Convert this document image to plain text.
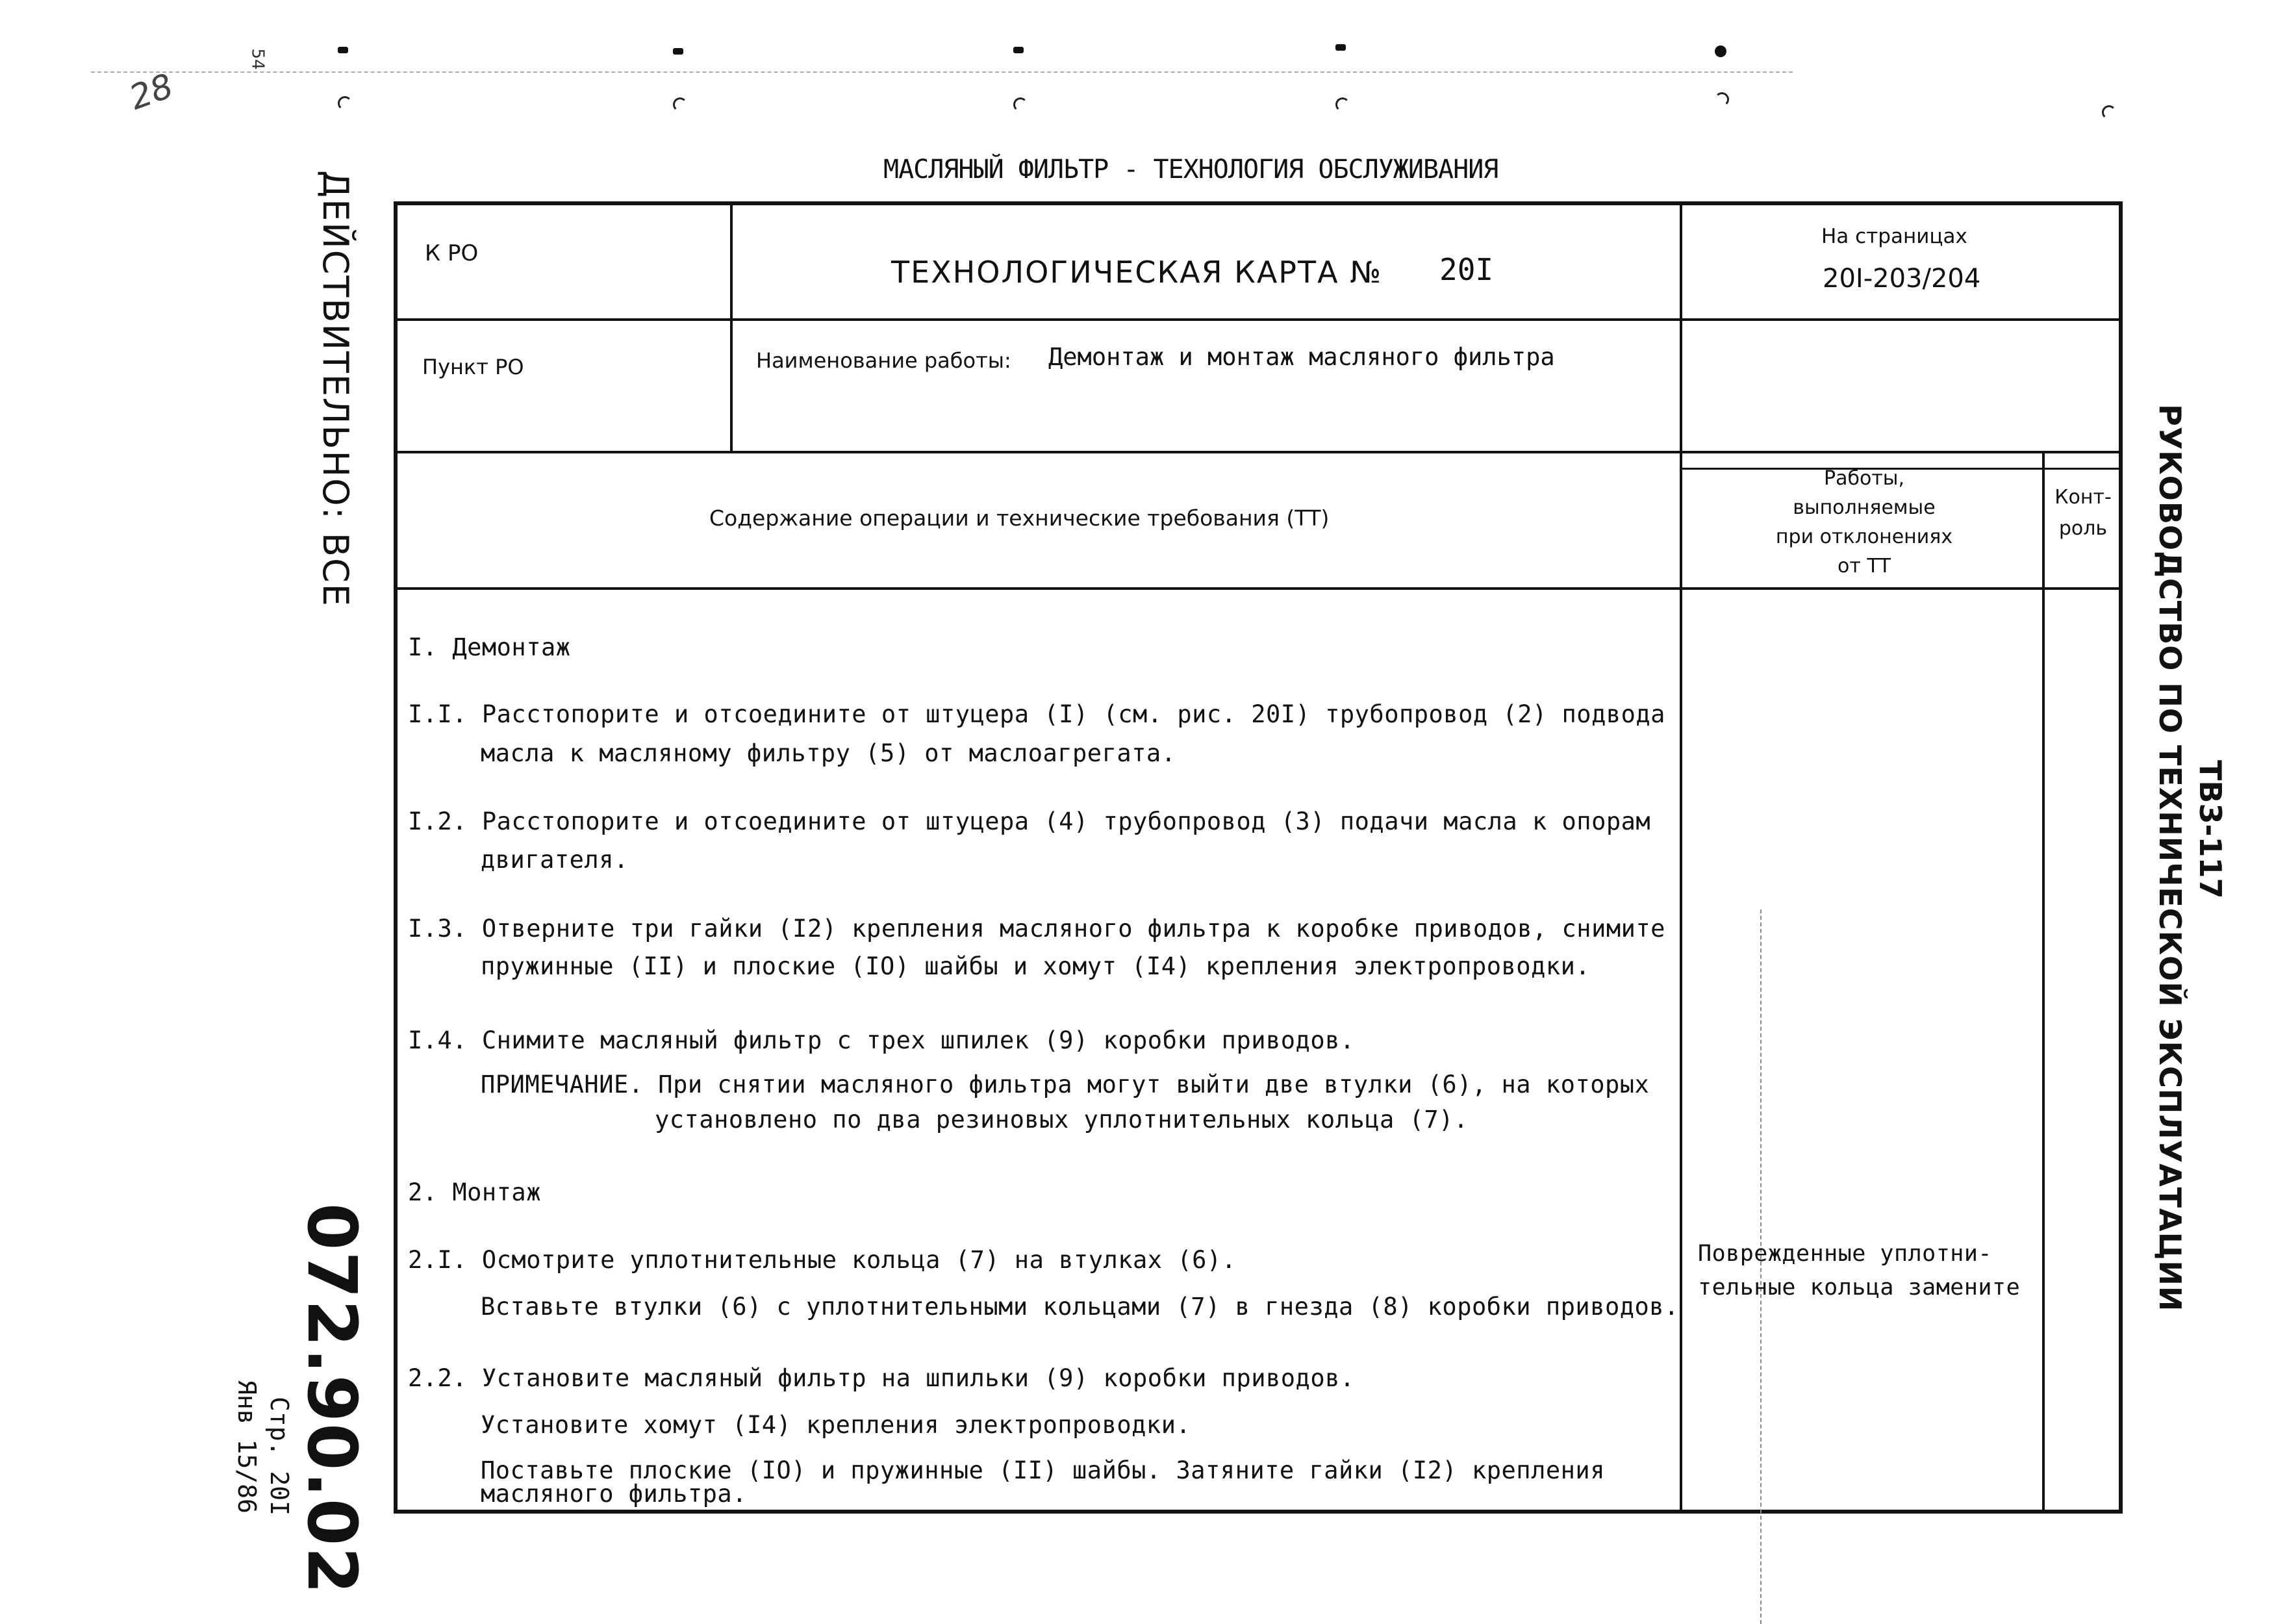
54
28
МАСЛЯНЫЙ ФИЛЬТР - ТЕХНОЛОГИЯ ОБСЛУЖИВАНИЯ
ДЕЙСТВИТЕЛЬНО: ВСЕ
072.90.02
Стр. 20I
Янв 15/86
ТВ3-117
РУКОВОДСТВО ПО ТЕХНИЧЕСКОЙ ЭКСПЛУАТАЦИИ
К РО
ТЕХНОЛОГИЧЕСКАЯ КАРТА № 20I
На страницах
20I-203/204
Пункт РО	Наименование работы: Демонтаж и монтаж масляного фильтра
Содержание операции и технические требования (ТТ)
Работы,
выполняемые
при отклонениях
от ТТ
Конт-
роль
I. Демонтаж
I.I. Расстопорите и отсоедините от штуцера (I) (см. рис. 20I) трубопровод (2) подвода
масла к масляному фильтру (5) от маслоагрегата.
I.2. Расстопорите и отсоедините от штуцера (4) трубопровод (3) подачи масла к опорам
двигателя.
I.3. Отверните три гайки (I2) крепления масляного фильтра к коробке приводов, снимите
пружинные (II) и плоские (IO) шайбы и хомут (I4) крепления электропроводки.
I.4. Снимите масляный фильтр с трех шпилек (9) коробки приводов.
ПРИМЕЧАНИЕ. При снятии масляного фильтра могут выйти две втулки (6), на которых
установлено по два резиновых уплотнительных кольца (7).
2. Монтаж
2.I. Осмотрите уплотнительные кольца (7) на втулках (6).
Вставьте втулки (6) с уплотнительными кольцами (7) в гнезда (8) коробки приводов.
2.2. Установите масляный фильтр на шпильки (9) коробки приводов.
Установите хомут (I4) крепления электропроводки.
Поставьте плоские (IO) и пружинные (II) шайбы. Затяните гайки (I2) крепления
масляного фильтра.
Поврежденные уплотни-
тельные кольца замените
